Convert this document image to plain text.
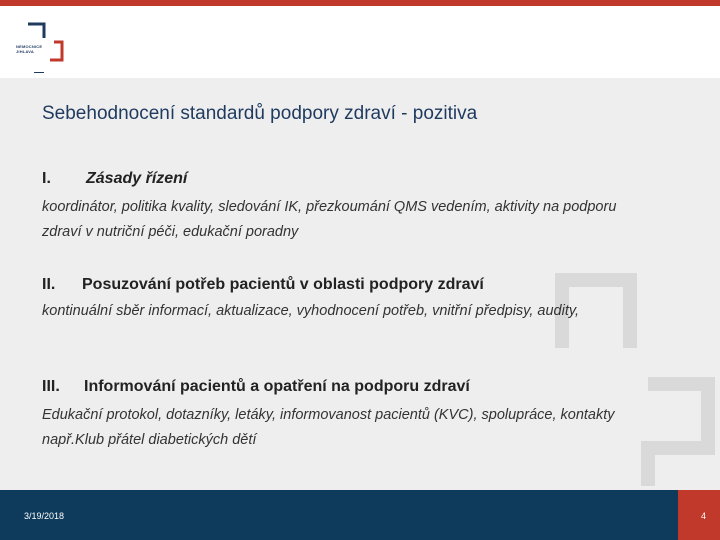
NEMOCNICE
JIHLAVA
Sebehodnocení standardů podpory zdraví - pozitiva
I. Zásady řízení
koordinátor, politika kvality, sledování IK, přezkoumání QMS vedením, aktivity na podporu zdraví v nutriční péči, edukační poradny
II. Posuzování potřeb pacientů v oblasti podpory zdraví
kontinuální sběr informací, aktualizace, vyhodnocení potřeb, vnitřní předpisy, audity,
III. Informování pacientů a opatření na podporu zdraví
Edukační protokol, dotazníky, letáky, informovanost pacientů (KVC), spolupráce, kontakty např.Klub přátel diabetických dětí
3/19/2018	4
